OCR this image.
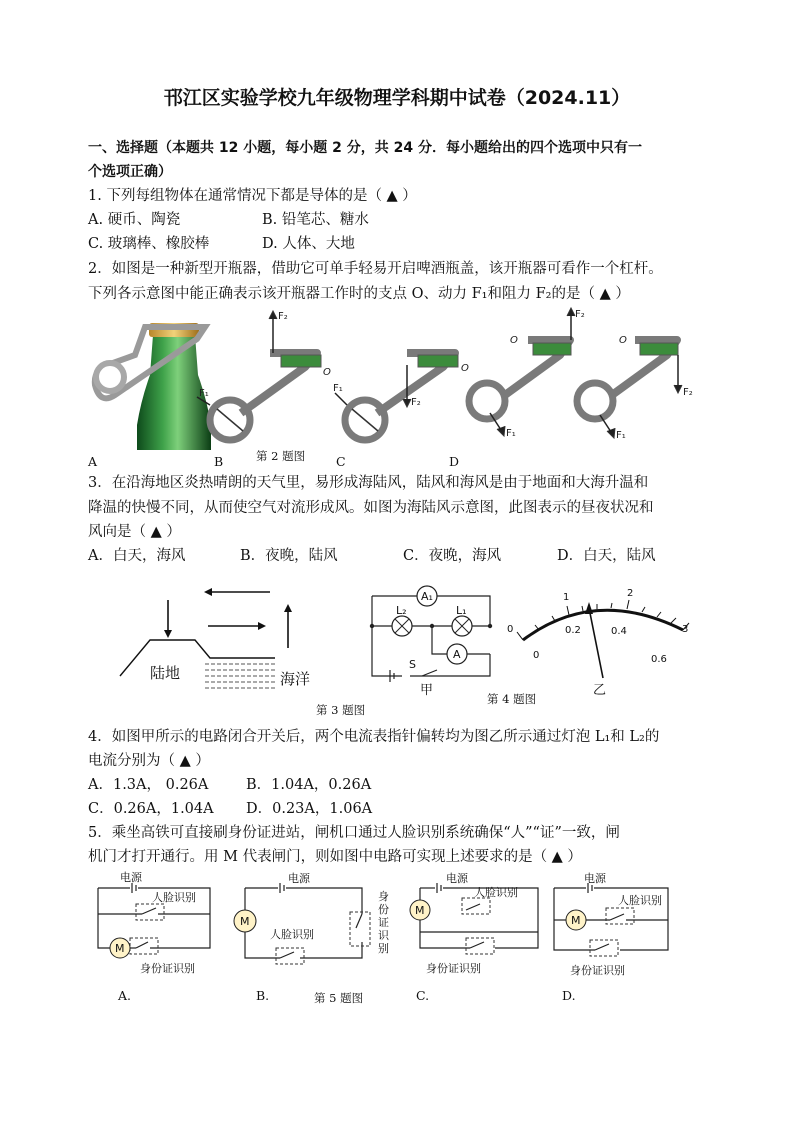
邗江区实验学校九年级物理学科期中试卷（2024.11）
一、选择题（本题共 12 小题，每小题 2 分，共 24 分．每小题给出的四个选项中只有一
个选项正确）
1. 下列每组物体在通常情况下都是导体的是（ ▲ ）
A. 硬币、陶瓷	B. 铅笔芯、糖水
C. 玻璃棒、橡胶棒	D. 人体、大地
2．如图是一种新型开瓶器，借助它可单手轻易开启啤酒瓶盖，该开瓶器可看作一个杠杆。
下列各示意图中能正确表示该开瓶器工作时的支点 O、动力 F₁和阻力 F₂的是（ ▲ ）
F₂
O
F₁	F₁
F₂
O
O
F₂
F₁
O
F₂
F₁
A	B	第 2 题图 C	D
3．在沿海地区炎热晴朗的天气里，易形成海陆风，陆风和海风是由于地面和大海升温和
降温的快慢不同，从而使空气对流形成风。如图为海陆风示意图，此图表示的昼夜状况和
风向是（ ▲ ）
A．白天，海风	B．夜晚，陆风	C．夜晚，海风	D．白天，陆风
陆地	海洋
第 3 题图
A₁
L₂	L₁
A
S
甲
第 4 题图
0
1	2
3
0
0.2	0.4
0.6
乙
4．如图甲所示的电路闭合开关后，两个电流表指针偏转均为图乙所示通过灯泡 L₁和 L₂的
电流分别为（ ▲ ）
A．1.3A， 0.26A	B．1.04A，0.26A
C．0.26A，1.04A D．0.23A，1.06A
5．乘坐高铁可直接刷身份证进站，闸机口通过人脸识别系统确保“人”“证”一致，闸
机门才打开通行。用 M 代表闸门，则如图中电路可实现上述要求的是（ ▲ ）
M
M
M
M
电源	电源	电源	电源
人脸识别
人脸识别
人脸识别
人脸识别
身份证识别	身份证识别	身份证识别
身份证识别
A.	B.	第 5 题图	C.	D.
